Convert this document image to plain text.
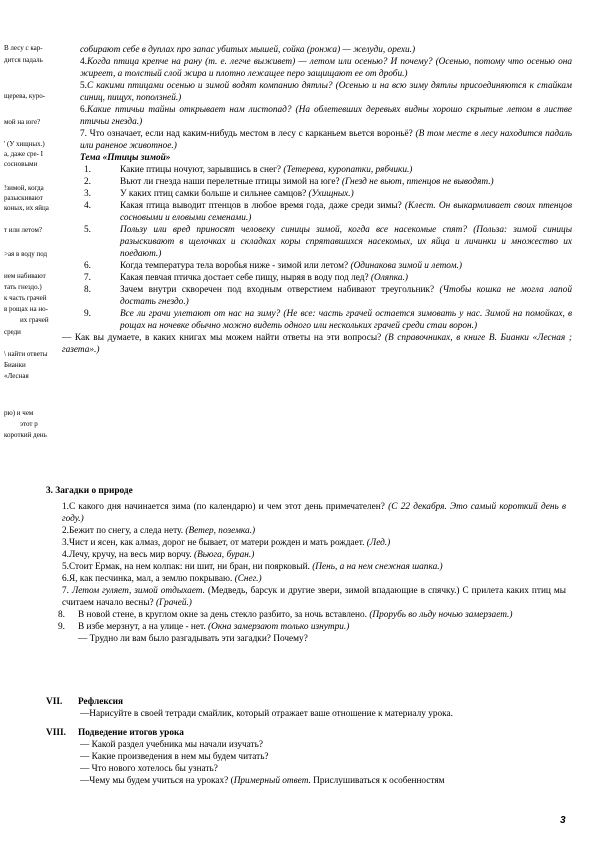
В лесу с кар-
дится падаль
щерева, куро-
мой на юге?
' (У хищных.)
а, даже сре- I
сосновыми
!зимой, когда
разыскивают
коных, их яйца
т или летом?
>ая в воду под
ием набивают
тать гнездо.)
к часть грачей
в рощах на но-
их грачей
среди
\ найти ответы
Бианки
«Лесная
рю) и чем
этот р
короткий день

собирают себе в дуплах про запас убитых мышей, сойка (ронжа) — желуди, орехи.)

4.Когда птица крепче на рану (т. е. легче выживет) — летом или осенью? И почему? (Осенью, потому что осенью она жиреет, а толстый слой жира и плотно лежащее перо защищают ее от дроби.)

5.С какими птицами осенью и зимой водят компанию дятлы? (Осенью и на всю зиму дятлы присоединяются к стайкам синиц, пищух, поползней.)

6.Какие птичьи тайны открывает нам листопад? (На облетевших деревьях видны хорошо скрытые летом в листве птичьи гнезда.)

7. Что означает, если над каким-нибудь местом в лесу с карканьем вьется вороньё? (В том месте в лесу находится падаль или раненое животное.)

Тема «Птицы зимой»

1.	Какие птицы ночуют, зарывшись в снег? (Тетерева, куропатки, рябчики.)

2.	Вьют ли гнезда наши перелетные птицы зимой на юге? (Гнезд не вьют, птенцов не выводят.)

3.	У каких птиц самки больше и сильнее самцов? (Ухищных.)

4.	Какая птица выводит птенцов в любое время года, даже среди зимы? (Клест. Он выкармливает своих птенцов сосновыми и еловыми семенами.)

5.	Пользу или вред приносят человеку синицы зимой, когда все насекомые спят? (Польза: зимой синицы разыскивают в щелочках и складках коры спрятавшихся насекомых, их яйца и личинки и множество их поедают.)

6.	Когда температура тела воробья ниже - зимой или летом? (Одинакова зимой и летом.)

7.	Какая певчая птичка достает себе пищу, ныряя в воду под лед? (Оляпка.)

8.	Зачем внутри скворечен под входным отверстием набивают треугольник? (Чтобы кошка не могла лапой достать гнездо.)

9.	Все ли грачи улетают от нас на зиму? (Не все: часть грачей остается зимовать у нас. Зимой на помойках, в рощах на ночевке обычно можно видеть одного или нескольких грачей среди стаи ворон.)

— Как вы думаете, в каких книгах мы можем найти ответы на эти вопросы? (В справочниках, в книге В. Бианки «Лесная ; газета».)

3. Загадки о природе

1.С какого дня начинается зима (по календарю) и чем этот день примечателен? (С 22 декабря. Это самый короткий день в году.)

2.Бежит по снегу, а следа нету. (Ветер, поземка.)

3.Чист и ясен, как алмаз, дорог не бывает, от матери рожден и мать рождает. (Лед.)

4.Лечу, кручу, на весь мир ворчу. (Вьюга, буран.)

5.Стоит Ермак, на нем колпак: ни шит, ни бран, ни поярковый. (Пень, а на нем снежная шапка.)

6.Я, как песчинка, мал, а землю покрываю. (Снег.)

7. Летом гуляет, зимой отдыхает. (Медведь, барсук и другие звери, зимой впадающие в спячку.) С прилета каких птиц мы считаем начало весны? (Грачей.)

8. В новой стене, в круглом окне за день стекло разбито, за ночь вставлено. (Прорубь во льду ночью замерзает.)

9. В избе мерзнут, а на улице - нет. (Окна замерзают только изнутри.)

— Трудно ли вам было разгадывать эти загадки? Почему?

VII. Рефлексия

—Нарисуйте в своей тетради смайлик, который отражает ваше отношение к материалу урока.

VIII. Подведение итогов урока

— Какой раздел учебника мы начали изучать?

— Какие произведения в нем мы будем читать?

— Что нового хотелось бы узнать?

—Чему мы будем учиться на уроках? (Примерный ответ. Прислушиваться к особенностям

3
